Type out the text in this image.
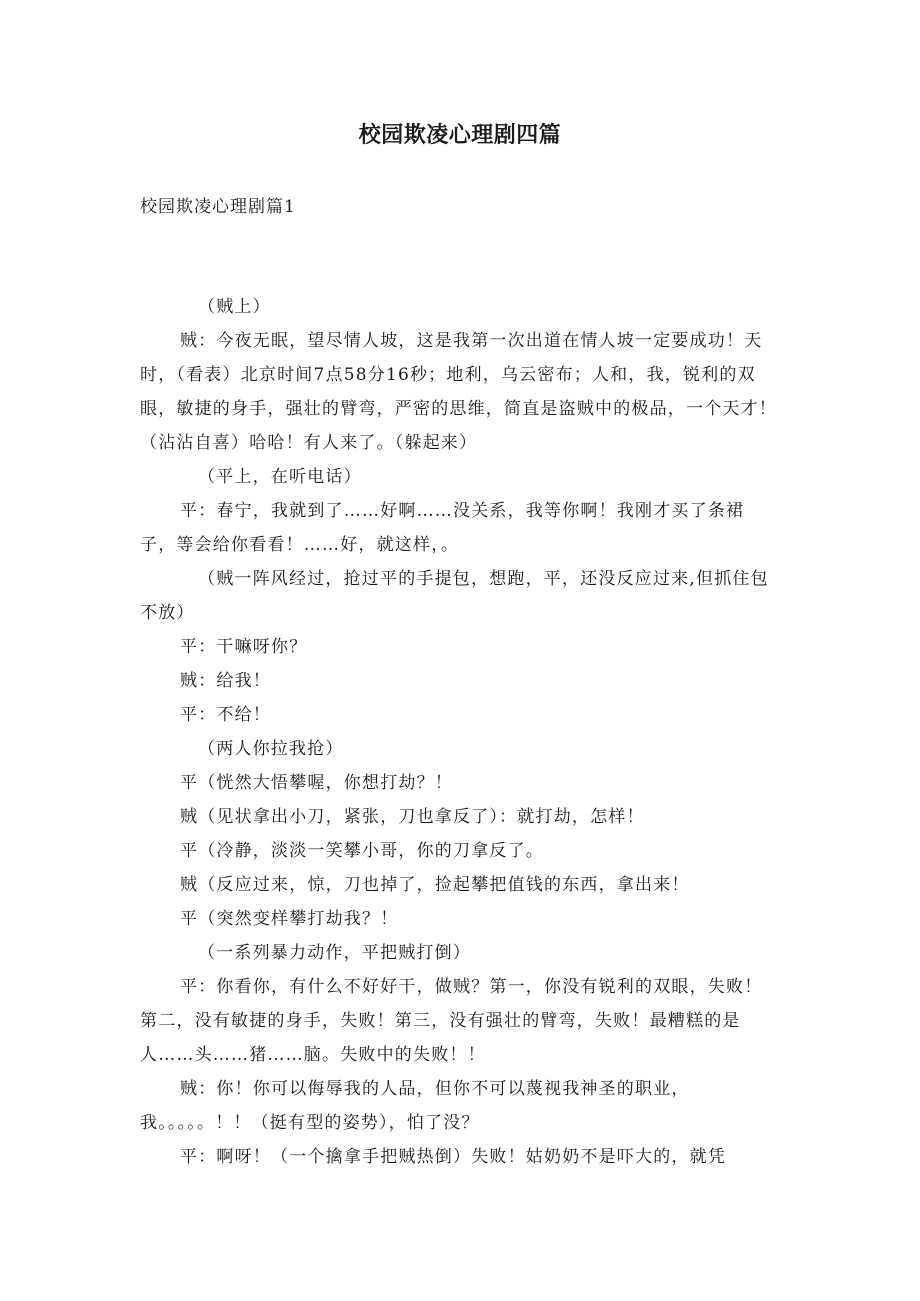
校园欺凌心理剧四篇
校园欺凌心理剧篇1

（贼上）

贼：今夜无眠，望尽情人坡，这是我第一次出道在情人坡一定要成功！天时，（看表）北京时间7点58分16秒；地利，乌云密布；人和，我，锐利的双眼，敏捷的身手，强壮的臂弯，严密的思维，简直是盗贼中的极品，一个天才！（沾沾自喜）哈哈！有人来了。（躲起来）

（平上，在听电话）

平：春宁，我就到了……好啊……没关系，我等你啊！我刚才买了条裙子，等会给你看看！……好，就这样，。

（贼一阵风经过，抢过平的手提包，想跑，平，还没反应过来,但抓住包不放）

平：干嘛呀你？

贼：给我！

平：不给！

（两人你拉我抢）

平（恍然大悟攀喔，你想打劫？！

贼（见状拿出小刀，紧张，刀也拿反了）：就打劫，怎样！

平（冷静，淡淡一笑攀小哥，你的刀拿反了。

贼（反应过来，惊，刀也掉了，捡起攀把值钱的东西，拿出来！

平（突然变样攀打劫我？！

（一系列暴力动作，平把贼打倒）

平：你看你，有什么不好好干，做贼？第一，你没有锐利的双眼，失败！第二，没有敏捷的身手，失败！第三，没有强壮的臂弯，失败！最糟糕的是人……头……猪……脑。失败中的失败！！

贼：你！你可以侮辱我的人品，但你不可以蔑视我神圣的职业，我。。。。。！！（挺有型的姿势），怕了没？

平：啊呀！（一个擒拿手把贼热倒）失败！姑奶奶不是吓大的，就凭
